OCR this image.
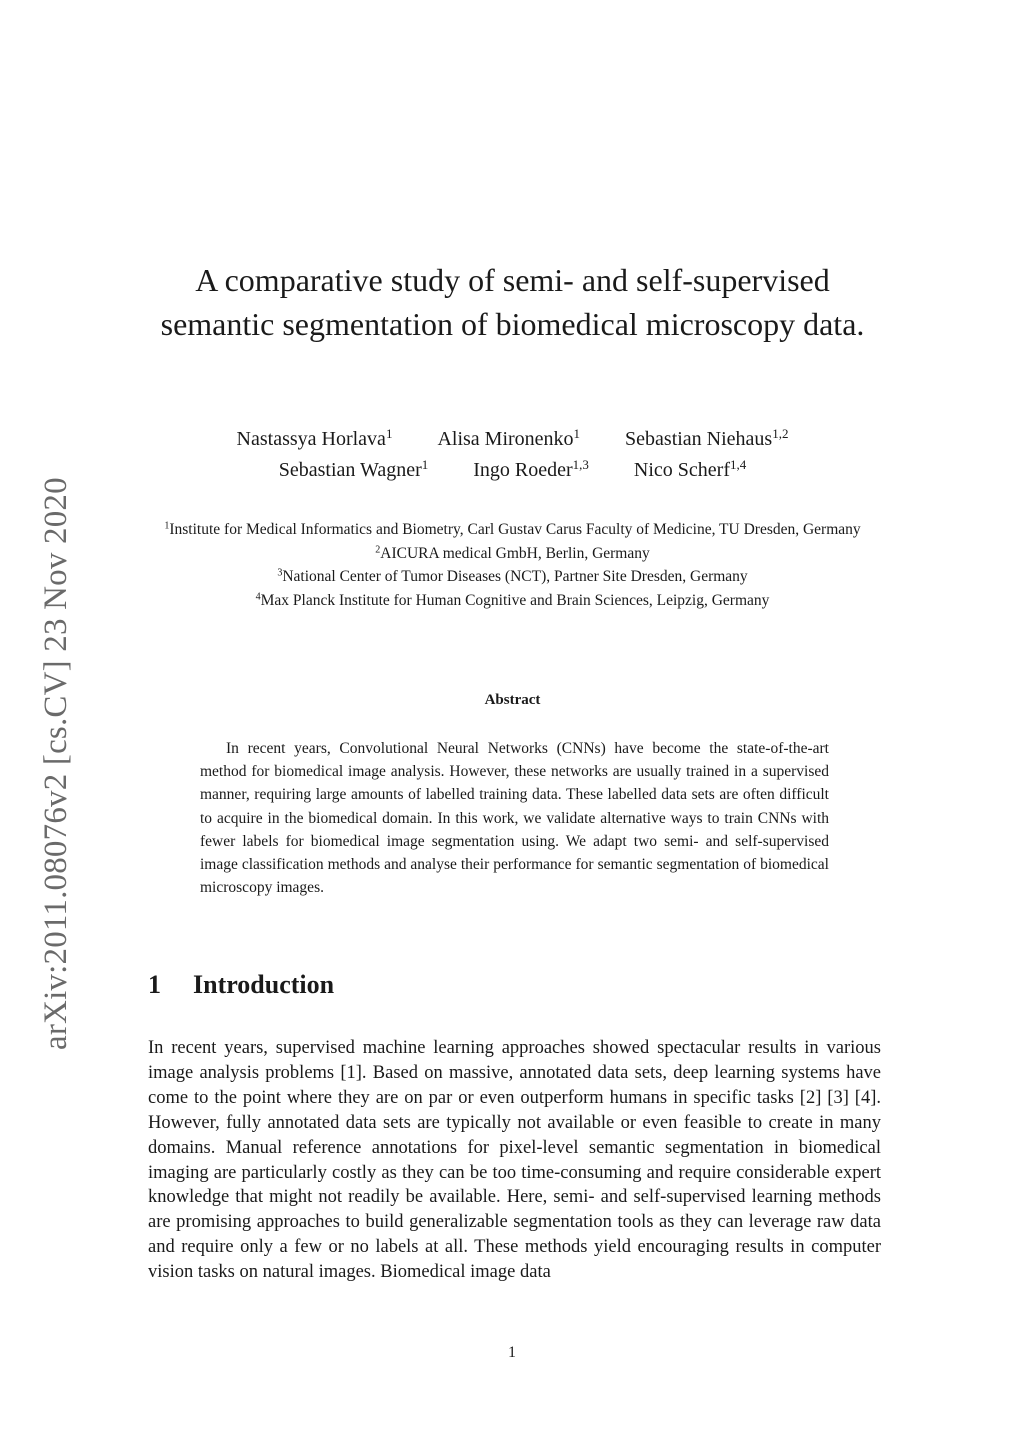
arXiv:2011.08076v2 [cs.CV] 23 Nov 2020
A comparative study of semi- and self-supervised semantic segmentation of biomedical microscopy data.
Nastassya Horlava$^1$ Alisa Mironenko$^1$ Sebastian Niehaus$^{1,2}$
Sebastian Wagner$^1$ Ingo Roeder$^{1,3}$ Nico Scherf$^{1,4}$
$^1$Institute for Medical Informatics and Biometry, Carl Gustav Carus Faculty of Medicine, TU Dresden, Germany
$^2$AICURA medical GmbH, Berlin, Germany
$^3$National Center of Tumor Diseases (NCT), Partner Site Dresden, Germany
$^4$Max Planck Institute for Human Cognitive and Brain Sciences, Leipzig, Germany
Abstract
In recent years, Convolutional Neural Networks (CNNs) have become the state-of-the-art method for biomedical image analysis. However, these networks are usually trained in a supervised manner, requiring large amounts of labelled training data. These labelled data sets are often difficult to acquire in the biomedical domain. In this work, we validate alternative ways to train CNNs with fewer labels for biomedical image segmentation using. We adapt two semi- and self-supervised image classification methods and analyse their performance for semantic segmentation of biomedical microscopy images.
1 Introduction
In recent years, supervised machine learning approaches showed spectacular results in various image analysis problems [1]. Based on massive, annotated data sets, deep learning systems have come to the point where they are on par or even outperform humans in specific tasks [2] [3] [4]. However, fully annotated data sets are typically not available or even feasible to create in many domains. Manual reference annotations for pixel-level semantic segmentation in biomedical imaging are particularly costly as they can be too time-consuming and require considerable expert knowledge that might not readily be available. Here, semi- and self-supervised learning methods are promising approaches to build generalizable segmentation tools as they can leverage raw data and require only a few or no labels at all. These methods yield encouraging results in computer vision tasks on natural images. Biomedical image data
1
